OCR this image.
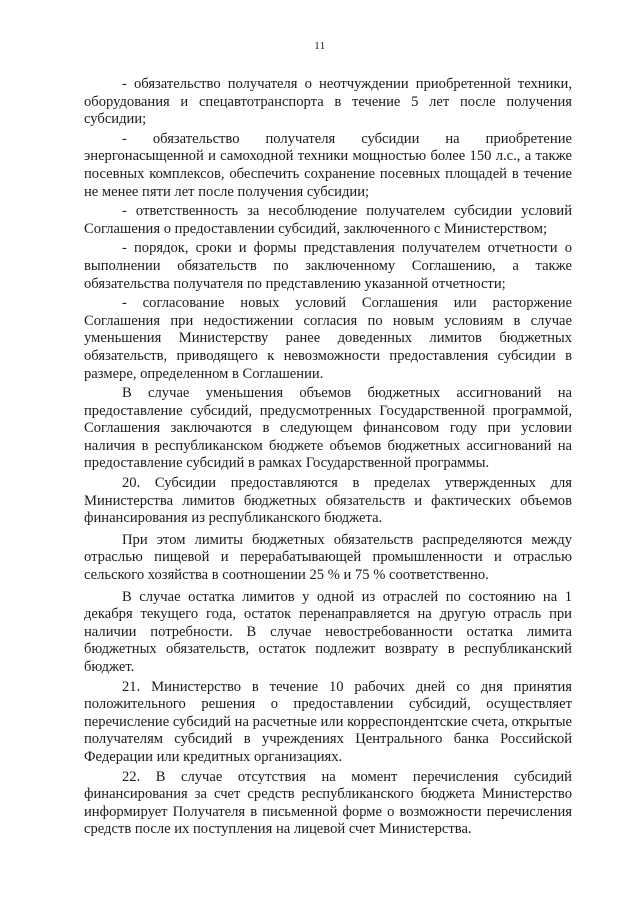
11

- обязательство получателя о неотчуждении приобретенной техники, оборудования и спецавтотранспорта в течение 5 лет после получения субсидии;

- обязательство получателя субсидии на приобретение энергонасыщенной и самоходной техники мощностью более 150 л.с., а также посевных комплексов, обеспечить сохранение посевных площадей в течение не менее пяти лет после получения субсидии;

- ответственность за несоблюдение получателем субсидии условий Соглашения о предоставлении субсидий, заключенного с Министерством;

- порядок, сроки и формы представления получателем отчетности о выполнении обязательств по заключенному Соглашению, а также обязательства получателя по представлению указанной отчетности;

- согласование новых условий Соглашения или расторжение Соглашения при недостижении согласия по новым условиям в случае уменьшения Министерству ранее доведенных лимитов бюджетных обязательств, приводящего к невозможности предоставления субсидии в размере, определенном в Соглашении.

В случае уменьшения объемов бюджетных ассигнований на предоставление субсидий, предусмотренных Государственной программой, Соглашения заключаются в следующем финансовом году при условии наличия в республиканском бюджете объемов бюджетных ассигнований на предоставление субсидий в рамках Государственной программы.

20. Субсидии предоставляются в пределах утвержденных для Министерства лимитов бюджетных обязательств и фактических объемов финансирования из республиканского бюджета.

При этом лимиты бюджетных обязательств распределяются между отраслью пищевой и перерабатывающей промышленности и отраслью сельского хозяйства в соотношении 25 % и 75 % соответственно.

В случае остатка лимитов у одной из отраслей по состоянию на 1 декабря текущего года, остаток перенаправляется на другую отрасль при наличии потребности. В случае невостребованности остатка лимита бюджетных обязательств, остаток подлежит возврату в республиканский бюджет.

21. Министерство в течение 10 рабочих дней со дня принятия положительного решения о предоставлении субсидий, осуществляет перечисление субсидий на расчетные или корреспондентские счета, открытые получателям субсидий в учреждениях Центрального банка Российской Федерации или кредитных организациях.

22. В случае отсутствия на момент перечисления субсидий финансирования за счет средств республиканского бюджета Министерство информирует Получателя в письменной форме о возможности перечисления средств после их поступления на лицевой счет Министерства.
